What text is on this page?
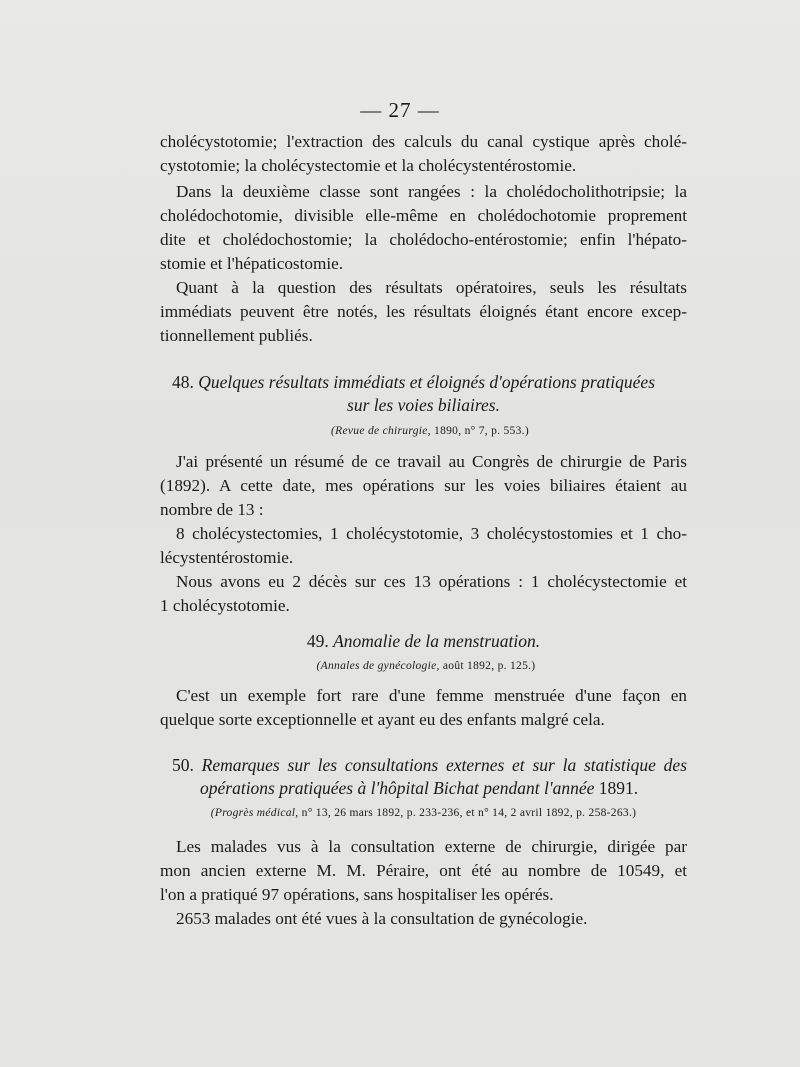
— 27 —
cholécystotomie; l'extraction des calculs du canal cystique après cholé-
cystotomie; la cholécystectomie et la cholécystentérostomie.
Dans la deuxième classe sont rangées : la cholédocholithotripsie; la
cholédochotomie, divisible elle-même en cholédochotomie proprement
dite et cholédochostomie; la cholédocho-entérostomie; enfin l'hépato-
stomie et l'hépaticostomie.
Quant à la question des résultats opératoires, seuls les résultats
immédiats peuvent être notés, les résultats éloignés étant encore excep-
tionnellement publiés.
48. Quelques résultats immédiats et éloignés d'opérations pratiquées
sur les voies biliaires.
(Revue de chirurgie, 1890, n° 7, p. 553.)
J'ai présenté un résumé de ce travail au Congrès de chirurgie de Paris
(1892). A cette date, mes opérations sur les voies biliaires étaient au
nombre de 13 :
8 cholécystectomies, 1 cholécystotomie, 3 cholécystostomies et 1 cho-
lécystentérostomie.
Nous avons eu 2 décès sur ces 13 opérations : 1 cholécystectomie et
1 cholécystotomie.
49. Anomalie de la menstruation.
(Annales de gynécologie, août 1892, p. 125.)
C'est un exemple fort rare d'une femme menstruée d'une façon en
quelque sorte exceptionnelle et ayant eu des enfants malgré cela.
50. Remarques sur les consultations externes et sur la statistique des
opérations pratiquées à l'hôpital Bichat pendant l'année 1891.
(Progrès médical, n° 13, 26 mars 1892, p. 233-236, et n° 14, 2 avril 1892, p. 258-263.)
Les malades vus à la consultation externe de chirurgie, dirigée par
mon ancien externe M. M. Péraire, ont été au nombre de 10549, et
l'on a pratiqué 97 opérations, sans hospitaliser les opérés.
2653 malades ont été vues à la consultation de gynécologie.
